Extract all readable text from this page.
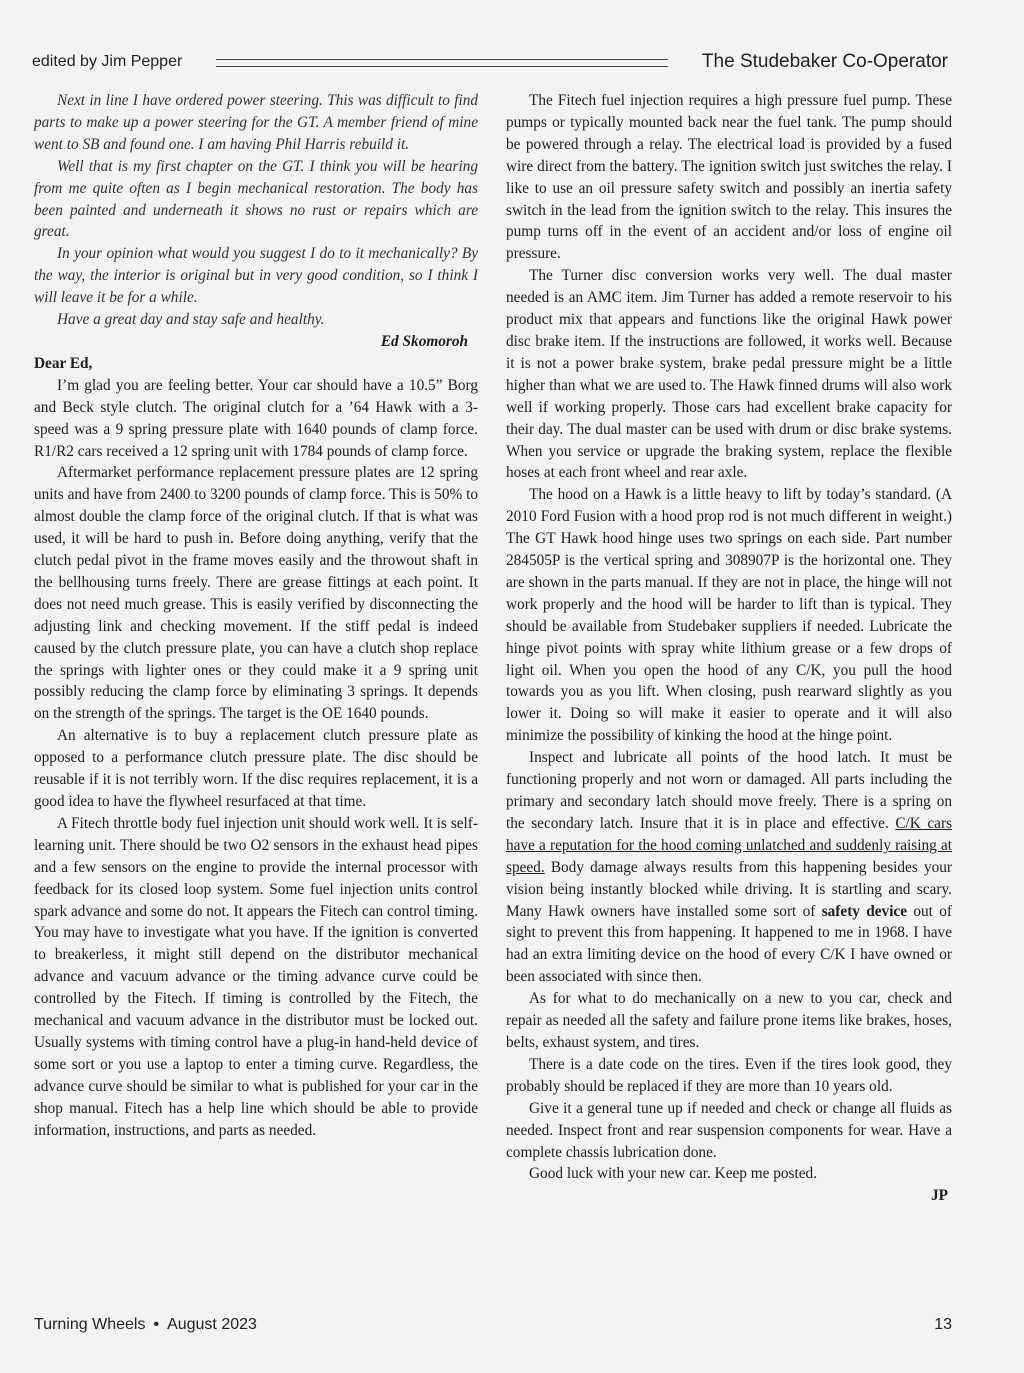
edited by Jim Pepper	The Studebaker Co-Operator

Next in line I have ordered power steering. This was difficult to find parts to make up a power steering for the GT. A member friend of mine went to SB and found one. I am having Phil Harris rebuild it.

Well that is my first chapter on the GT. I think you will be hearing from me quite often as I begin mechanical restoration. The body has been painted and underneath it shows no rust or repairs which are great.

In your opinion what would you suggest I do to it mechanically? By the way, the interior is original but in very good condition, so I think I will leave it be for a while.

Have a great day and stay safe and healthy.

Ed Skomoroh

Dear Ed,

I’m glad you are feeling better. Your car should have a 10.5” Borg and Beck style clutch. The original clutch for a ’64 Hawk with a 3-speed was a 9 spring pressure plate with 1640 pounds of clamp force. R1/R2 cars received a 12 spring unit with 1784 pounds of clamp force.

Aftermarket performance replacement pressure plates are 12 spring units and have from 2400 to 3200 pounds of clamp force. This is 50% to almost double the clamp force of the original clutch. If that is what was used, it will be hard to push in. Before doing anything, verify that the clutch pedal pivot in the frame moves easily and the throwout shaft in the bellhousing turns freely. There are grease fittings at each point. It does not need much grease. This is easily verified by disconnecting the adjusting link and checking movement. If the stiff pedal is indeed caused by the clutch pressure plate, you can have a clutch shop replace the springs with lighter ones or they could make it a 9 spring unit possibly reducing the clamp force by eliminating 3 springs. It depends on the strength of the springs. The target is the OE 1640 pounds.

An alternative is to buy a replacement clutch pressure plate as opposed to a performance clutch pressure plate. The disc should be reusable if it is not terribly worn. If the disc requires replacement, it is a good idea to have the flywheel resurfaced at that time.

A Fitech throttle body fuel injection unit should work well. It is self-learning unit. There should be two O2 sensors in the exhaust head pipes and a few sensors on the engine to provide the internal processor with feedback for its closed loop system. Some fuel injection units control spark advance and some do not. It appears the Fitech can control timing. You may have to investigate what you have. If the ignition is converted to breakerless, it might still depend on the distributor mechanical advance and vacuum advance or the timing advance curve could be controlled by the Fitech. If timing is controlled by the Fitech, the mechanical and vacuum advance in the distributor must be locked out. Usually systems with timing control have a plug-in hand-held device of some sort or you use a laptop to enter a timing curve. Regardless, the advance curve should be similar to what is published for your car in the shop manual. Fitech has a help line which should be able to provide information, instructions, and parts as needed.

The Fitech fuel injection requires a high pressure fuel pump. These pumps or typically mounted back near the fuel tank. The pump should be powered through a relay. The electrical load is provided by a fused wire direct from the battery. The ignition switch just switches the relay. I like to use an oil pressure safety switch and possibly an inertia safety switch in the lead from the ignition switch to the relay. This insures the pump turns off in the event of an accident and/or loss of engine oil pressure.

The Turner disc conversion works very well. The dual master needed is an AMC item. Jim Turner has added a remote reservoir to his product mix that appears and functions like the original Hawk power disc brake item. If the instructions are followed, it works well. Because it is not a power brake system, brake pedal pressure might be a little higher than what we are used to. The Hawk finned drums will also work well if working properly. Those cars had excellent brake capacity for their day. The dual master can be used with drum or disc brake systems. When you service or upgrade the braking system, replace the flexible hoses at each front wheel and rear axle.

The hood on a Hawk is a little heavy to lift by today’s standard. (A 2010 Ford Fusion with a hood prop rod is not much different in weight.) The GT Hawk hood hinge uses two springs on each side. Part number 284505P is the vertical spring and 308907P is the horizontal one. They are shown in the parts manual. If they are not in place, the hinge will not work properly and the hood will be harder to lift than is typical. They should be available from Studebaker suppliers if needed. Lubricate the hinge pivot points with spray white lithium grease or a few drops of light oil. When you open the hood of any C/K, you pull the hood towards you as you lift. When closing, push rearward slightly as you lower it. Doing so will make it easier to operate and it will also minimize the possibility of kinking the hood at the hinge point.

Inspect and lubricate all points of the hood latch. It must be functioning properly and not worn or damaged. All parts including the primary and secondary latch should move freely. There is a spring on the secondary latch. Insure that it is in place and effective. C/K cars have a reputation for the hood coming unlatched and suddenly raising at speed. Body damage always results from this happening besides your vision being instantly blocked while driving. It is startling and scary. Many Hawk owners have installed some sort of safety device out of sight to prevent this from happening. It happened to me in 1968. I have had an extra limiting device on the hood of every C/K I have owned or been associated with since then.

As for what to do mechanically on a new to you car, check and repair as needed all the safety and failure prone items like brakes, hoses, belts, exhaust system, and tires.

There is a date code on the tires. Even if the tires look good, they probably should be replaced if they are more than 10 years old.

Give it a general tune up if needed and check or change all fluids as needed. Inspect front and rear suspension components for wear. Have a complete chassis lubrication done.

Good luck with your new car. Keep me posted.

JP

Turning Wheels • August 2023	13
